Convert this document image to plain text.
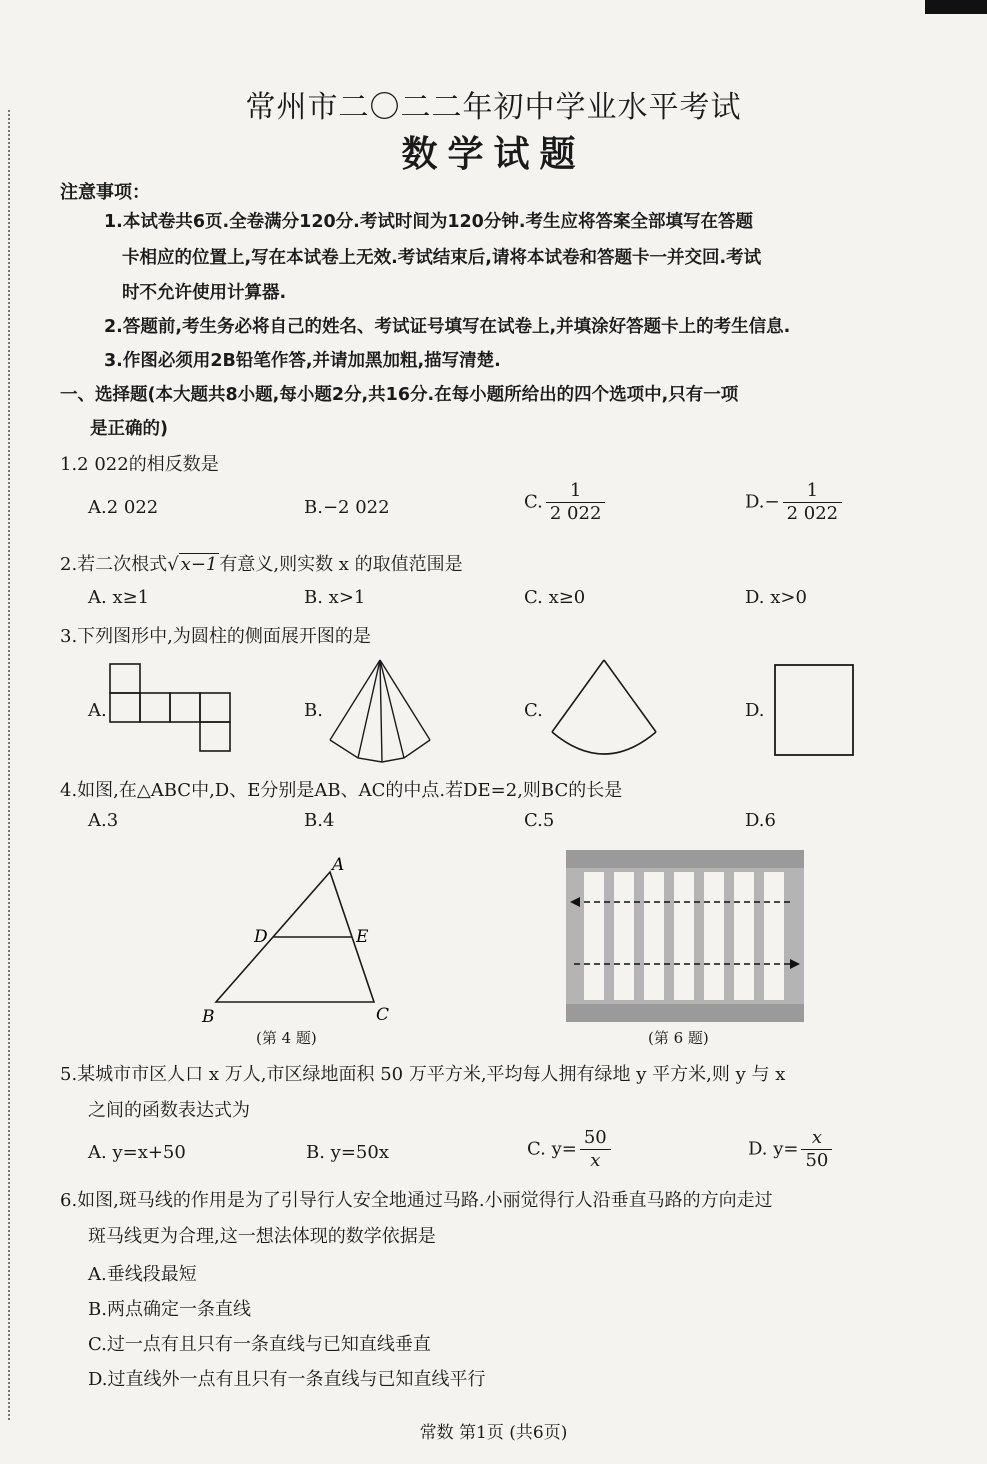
常州市二〇二二年初中学业水平考试
数学试题
注意事项：
1.本试卷共6页.全卷满分120分.考试时间为120分钟.考生应将答案全部填写在答题
卡相应的位置上,写在本试卷上无效.考试结束后,请将本试卷和答题卡一并交回.考试
时不允许使用计算器.
2.答题前,考生务必将自己的姓名、考试证号填写在试卷上,并填涂好答题卡上的考生信息.
3.作图必须用2B铅笔作答,并请加黑加粗,描写清楚.
一、选择题(本大题共8小题,每小题2分,共16分.在每小题所给出的四个选项中,只有一项
是正确的)
1.2 022的相反数是
A.2 022	B.−2 022	C. $\frac{1}{2 022}$	$D.- \frac{1}{2 022}$
2.若二次根式√ x−1 有意义,则实数 x 的取值范围是
A. x≥1	B. x>1	C. x≥0	D. x>0
3.下列图形中,为圆柱的侧面展开图的是
A.	B.	C.	D.
4.如图,在△ABC中,D、E分别是AB、AC的中点.若DE=2,则BC的长是
A.3	B.4	C.5	D.6
A
D	E
B	C
(第 4 题)	(第 6 题)
5.某城市市区人口 x 万人,市区绿地面积 50 万平方米,平均每人拥有绿地 y 平方米,则 y 与 x
之间的函数表达式为
A. y=x+50	B. y=50x	C. $y= \frac{50}{x}$	D. $y= \frac{x}{50}$
6.如图,斑马线的作用是为了引导行人安全地通过马路.小丽觉得行人沿垂直马路的方向走过
斑马线更为合理,这一想法体现的数学依据是
A.垂线段最短
B.两点确定一条直线
C.过一点有且只有一条直线与已知直线垂直
D.过直线外一点有且只有一条直线与已知直线平行
常数 第1页 (共6页)
